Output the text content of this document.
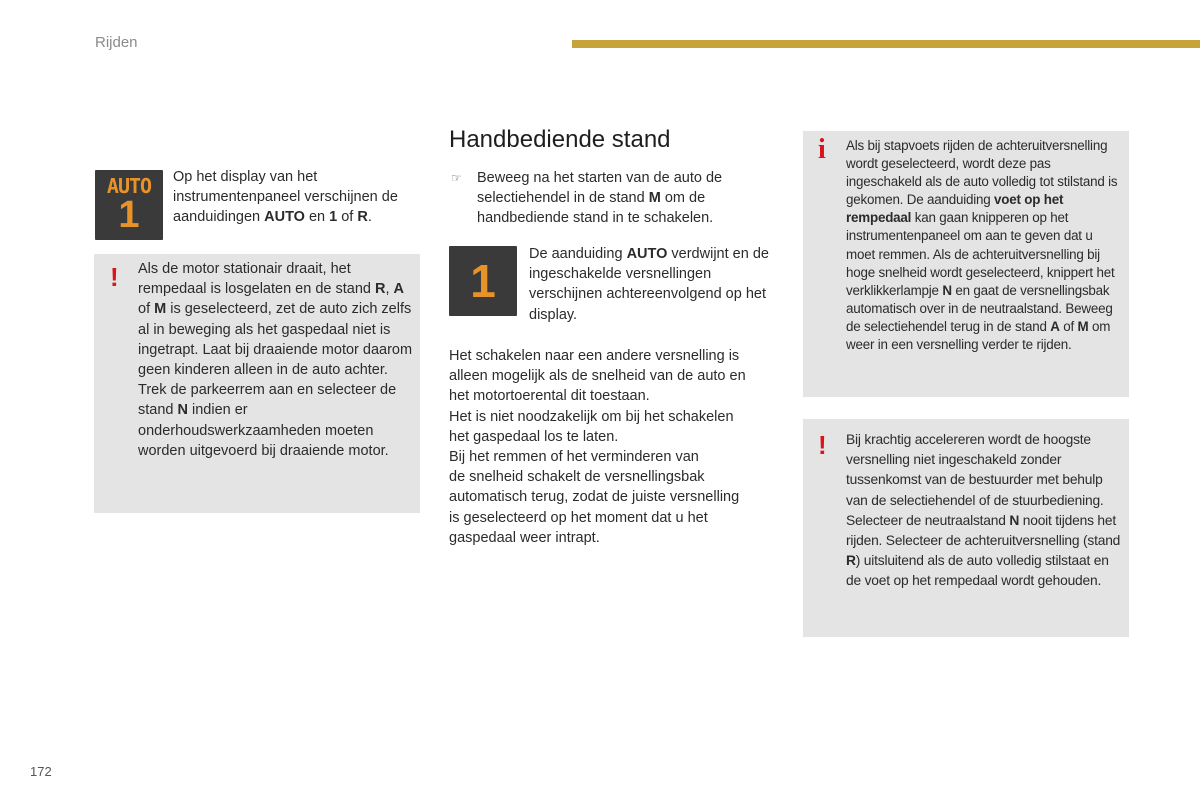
Rijden
AUTO
1
Op het display van het instrumentenpaneel verschijnen de aanduidingen AUTO en 1 of R.
! Als de motor stationair draait, het rempedaal is losgelaten en de stand R, A of M is geselecteerd, zet de auto zich zelfs al in beweging als het gaspedaal niet is ingetrapt. Laat bij draaiende motor daarom geen kinderen alleen in de auto achter. Trek de parkeerrem aan en selecteer de stand N indien er onderhoudswerkzaamheden moeten worden uitgevoerd bij draaiende motor.
Handbediende stand
☞ Beweeg na het starten van de auto de selectiehendel in de stand M om de handbediende stand in te schakelen.
1
De aanduiding AUTO verdwijnt en de ingeschakelde versnellingen verschijnen achtereenvolgend op het display.
Het schakelen naar een andere versnelling is
alleen mogelijk als de snelheid van de auto en
het motortoerental dit toestaan.
Het is niet noodzakelijk om bij het schakelen
het gaspedaal los te laten.
Bij het remmen of het verminderen van
de snelheid schakelt de versnellingsbak
automatisch terug, zodat de juiste versnelling
is geselecteerd op het moment dat u het
gaspedaal weer intrapt.
i Als bij stapvoets rijden de achteruitversnelling wordt geselecteerd, wordt deze pas ingeschakeld als de auto volledig tot stilstand is gekomen. De aanduiding voet op het rempedaal kan gaan knipperen op het instrumentenpaneel om aan te geven dat u moet remmen. Als de achteruitversnelling bij hoge snelheid wordt geselecteerd, knippert het verklikkerlampje N en gaat de versnellingsbak automatisch over in de neutraalstand. Beweeg de selectiehendel terug in de stand A of M om weer in een versnelling verder te rijden.
! Bij krachtig accelereren wordt de hoogste versnelling niet ingeschakeld zonder tussenkomst van de bestuurder met behulp van de selectiehendel of de stuurbediening. Selecteer de neutraalstand N nooit tijdens het rijden. Selecteer de achteruitversnelling (stand R) uitsluitend als de auto volledig stilstaat en de voet op het rempedaal wordt gehouden.
172
